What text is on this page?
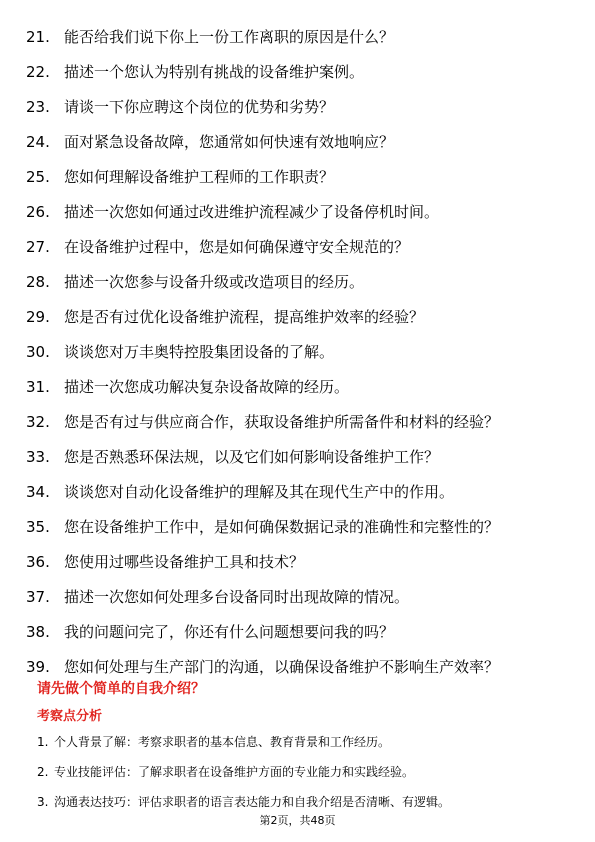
21. 能否给我们说下你上一份工作离职的原因是什么？
22. 描述一个您认为特别有挑战的设备维护案例。
23. 请谈一下你应聘这个岗位的优势和劣势？
24. 面对紧急设备故障，您通常如何快速有效地响应？
25. 您如何理解设备维护工程师的工作职责？
26. 描述一次您如何通过改进维护流程减少了设备停机时间。
27. 在设备维护过程中，您是如何确保遵守安全规范的？
28. 描述一次您参与设备升级或改造项目的经历。
29. 您是否有过优化设备维护流程，提高维护效率的经验？
30. 谈谈您对万丰奥特控股集团设备的了解。
31. 描述一次您成功解决复杂设备故障的经历。
32. 您是否有过与供应商合作，获取设备维护所需备件和材料的经验？
33. 您是否熟悉环保法规，以及它们如何影响设备维护工作？
34. 谈谈您对自动化设备维护的理解及其在现代生产中的作用。
35. 您在设备维护工作中，是如何确保数据记录的准确性和完整性的？
36. 您使用过哪些设备维护工具和技术？
37. 描述一次您如何处理多台设备同时出现故障的情况。
38. 我的问题问完了，你还有什么问题想要问我的吗？
39. 您如何处理与生产部门的沟通，以确保设备维护不影响生产效率？
请先做个简单的自我介绍？
考察点分析
1. 个人背景了解：考察求职者的基本信息、教育背景和工作经历。
2. 专业技能评估：了解求职者在设备维护方面的专业能力和实践经验。
3. 沟通表达技巧：评估求职者的语言表达能力和自我介绍是否清晰、有逻辑。
第2页，共48页
